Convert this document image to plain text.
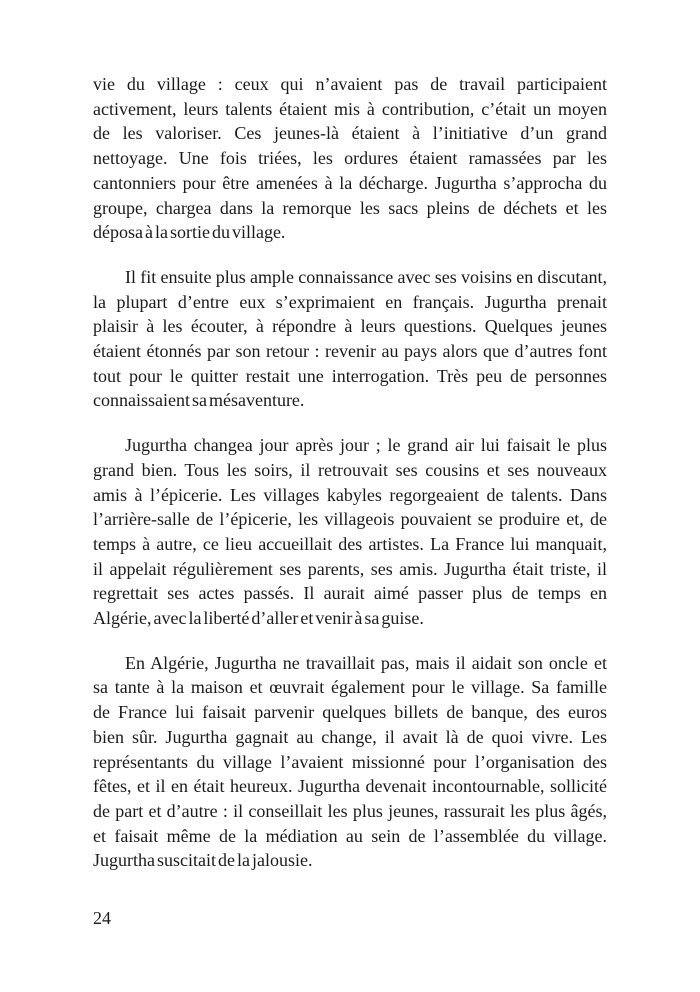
vie du village : ceux qui n’avaient pas de travail participaient
activement, leurs talents étaient mis à contribution, c’était un moyen
de les valoriser. Ces jeunes-là étaient à l’initiative d’un grand
nettoyage. Une fois triées, les ordures étaient ramassées par les
cantonniers pour être amenées à la décharge. Jugurtha s’approcha du
groupe, chargea dans la remorque les sacs pleins de déchets et les
déposa à la sortie du village.
Il fit ensuite plus ample connaissance avec ses voisins en discutant,
la plupart d’entre eux s’exprimaient en français. Jugurtha prenait
plaisir à les écouter, à répondre à leurs questions. Quelques jeunes
étaient étonnés par son retour : revenir au pays alors que d’autres font
tout pour le quitter restait une interrogation. Très peu de personnes
connaissaient sa mésaventure.
Jugurtha changea jour après jour ; le grand air lui faisait le plus
grand bien. Tous les soirs, il retrouvait ses cousins et ses nouveaux
amis à l’épicerie. Les villages kabyles regorgeaient de talents. Dans
l’arrière-salle de l’épicerie, les villageois pouvaient se produire et, de
temps à autre, ce lieu accueillait des artistes. La France lui manquait,
il appelait régulièrement ses parents, ses amis. Jugurtha était triste, il
regrettait ses actes passés. Il aurait aimé passer plus de temps en
Algérie, avec la liberté d’aller et venir à sa guise.
En Algérie, Jugurtha ne travaillait pas, mais il aidait son oncle et
sa tante à la maison et œuvrait également pour le village. Sa famille
de France lui faisait parvenir quelques billets de banque, des euros
bien sûr. Jugurtha gagnait au change, il avait là de quoi vivre. Les
représentants du village l’avaient missionné pour l’organisation des
fêtes, et il en était heureux. Jugurtha devenait incontournable, sollicité
de part et d’autre : il conseillait les plus jeunes, rassurait les plus âgés,
et faisait même de la médiation au sein de l’assemblée du village.
Jugurtha suscitait de la jalousie.
24
